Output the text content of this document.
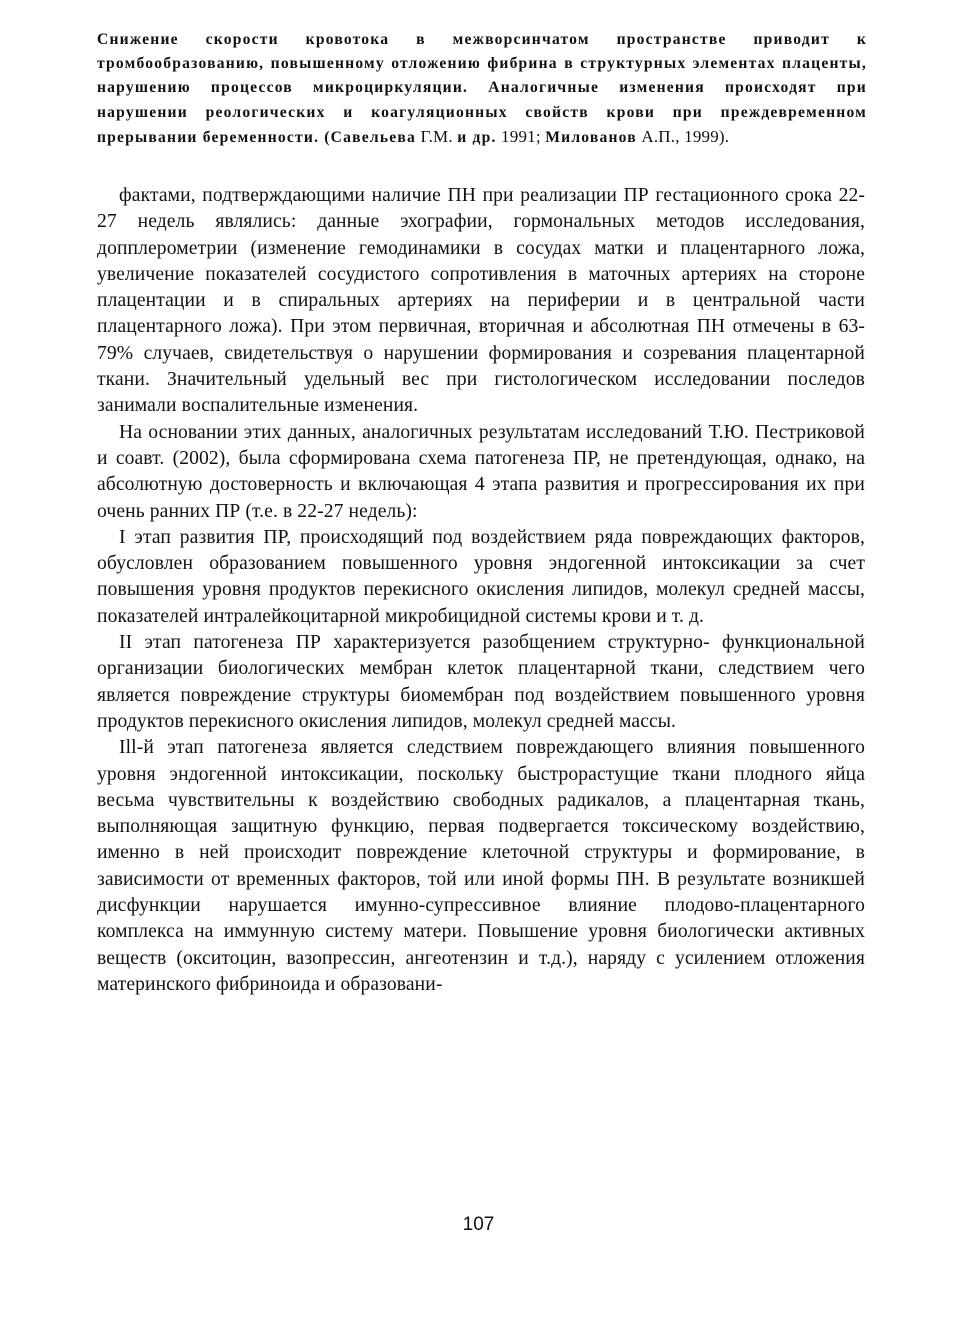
Снижение скорости кровотока в межворсинчатом пространстве приводит к тромбообразованию, повышенному отложению фибрина в структурных элементах плаценты, нарушению процессов микроциркуляции. Аналогичные изменения происходят при нарушении реологических и коагуляционных свойств крови при преждевременном прерывании беременности. (Савельева Г.М. и др. 1991; Милованов А.П., 1999).

фактами, подтверждающими наличие ПН при реализации ПР гестационного срока 22-27 недель являлись: данные эхографии, гормональных методов исследования, допплерометрии (изменение гемодинамики в сосудах матки и плацентарного ложа, увеличение показателей сосудистого сопротивления в маточных артериях на стороне плацентации и в спиральных артериях на периферии и в центральной части плацентарного ложа). При этом первичная, вторичная и абсолютная ПН отмечены в 63-79% случаев, свидетельствуя о нарушении формирования и созревания плацентарной ткани. Значительный удельный вес при гистологическом исследовании последов занимали воспалительные изменения.

На основании этих данных, аналогичных результатам исследований Т.Ю. Пестриковой и соавт. (2002), была сформирована схема патогенеза ПР, не претендующая, однако, на абсолютную достоверность и включающая 4 этапа развития и прогрессирования их при очень ранних ПР (т.е. в 22-27 недель):

I этап развития ПР, происходящий под воздействием ряда повреждающих факторов, обусловлен образованием повышенного уровня эндогенной интоксикации за счет повышения уровня продуктов перекисного окисления липидов, молекул средней массы, показателей интралейкоцитарной микробицидной системы крови и т. д.

II этап патогенеза ПР характеризуется разобщением структурно- функциональной организации биологических мембран клеток плацентарной ткани, следствием чего является повреждение структуры биомембран под воздействием повышенного уровня продуктов перекисного окисления липидов, молекул средней массы.

Ill-й этап патогенеза является следствием повреждающего влияния повышенного уровня эндогенной интоксикации, поскольку быстрорастущие ткани плодного яйца весьма чувствительны к воздействию свободных радикалов, а плацентарная ткань, выполняющая защитную функцию, первая подвергается токсическому воздействию, именно в ней происходит повреждение клеточной структуры и формирование, в зависимости от временных факторов, той или иной формы ПН. В результате возникшей дисфункции нарушается имунно-супрессивное влияние плодово-плацентарного комплекса на иммунную систему матери. Повышение уровня биологически активных веществ (окситоцин, вазопрессин, ангеотензин и т.д.), наряду с усилением отложения материнского фибриноида и образовани-

107
